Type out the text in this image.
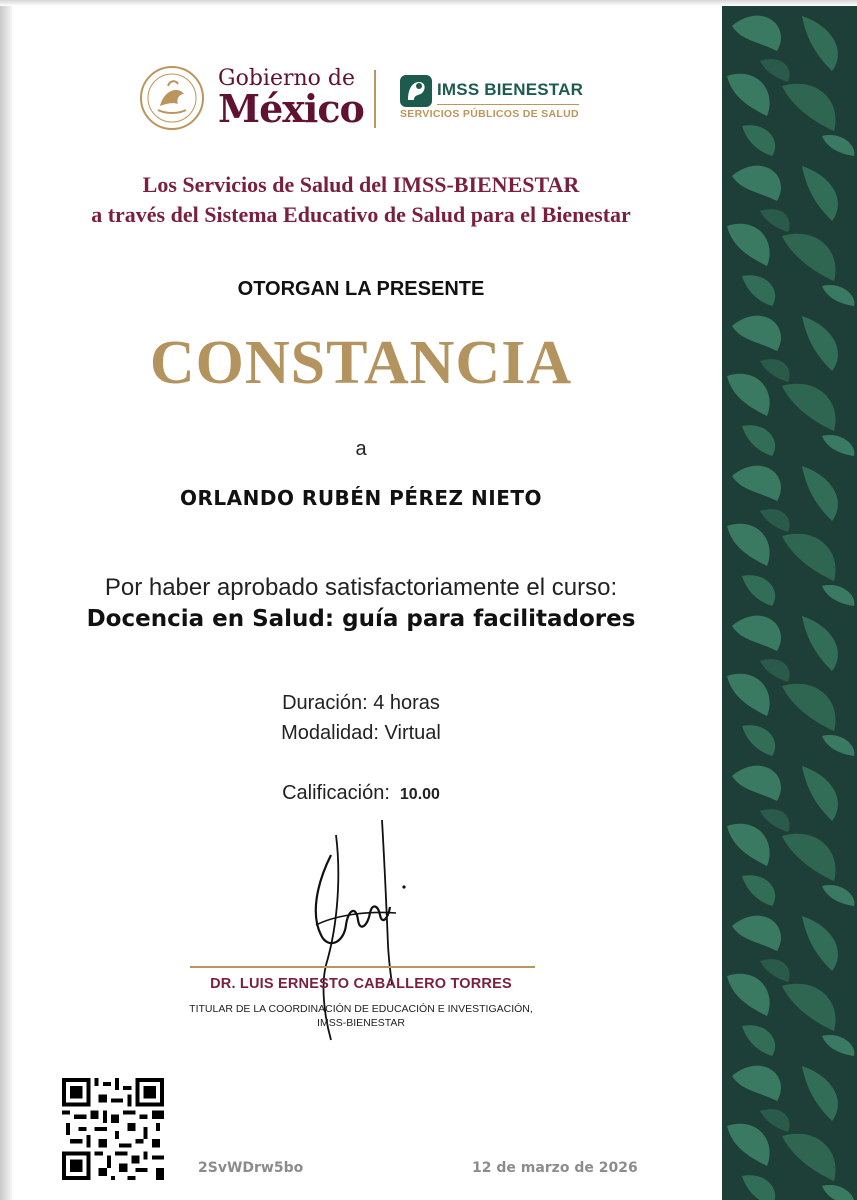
Gobierno de
México	IMSS BIENESTAR
SERVICIOS PÚBLICOS DE SALUD
Los Servicios de Salud del IMSS-BIENESTAR
a través del Sistema Educativo de Salud para el Bienestar
OTORGAN LA PRESENTE
CONSTANCIA
a
ORLANDO RUBÉN PÉREZ NIETO
Por haber aprobado satisfactoriamente el curso:
Docencia en Salud: guía para facilitadores
Duración: 4 horas
Modalidad: Virtual
Calificación: 10.00
DR. LUIS ERNESTO CABALLERO TORRES
TITULAR DE LA COORDINACIÓN DE EDUCACIÓN E INVESTIGACIÓN,
IMSS-BIENESTAR
2SvWDrw5bo	12 de marzo de 2026
